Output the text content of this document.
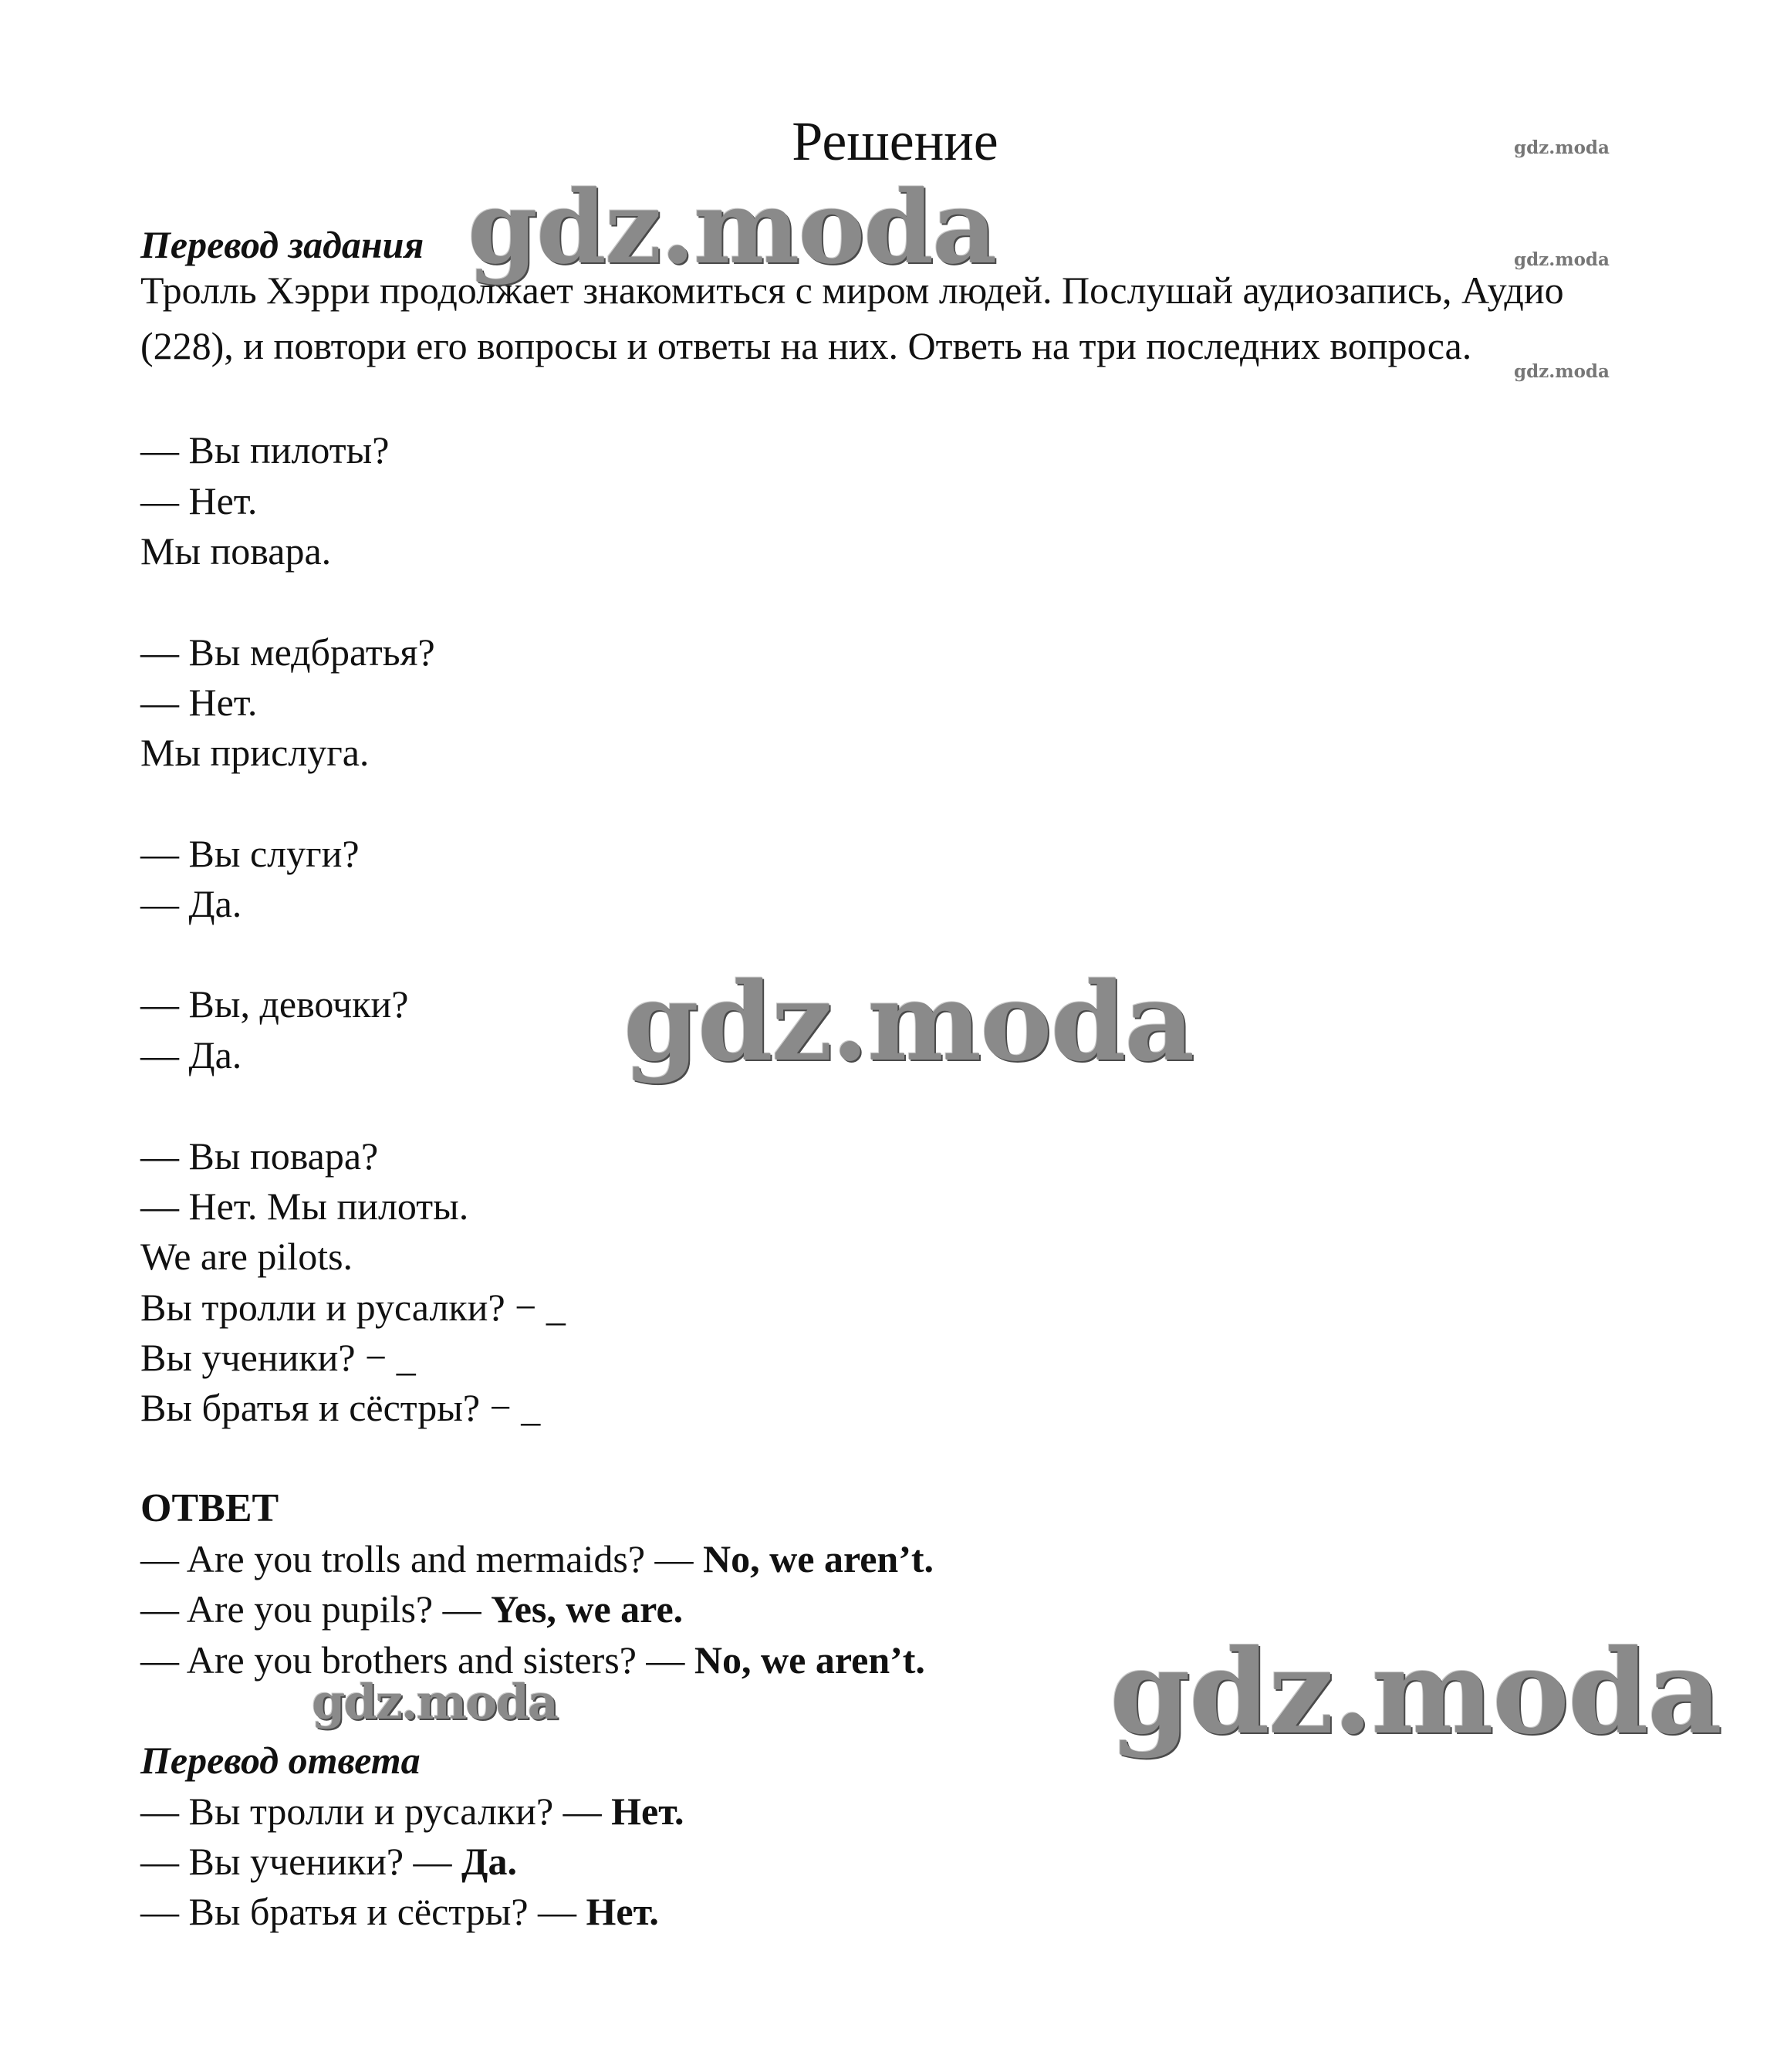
Решение
Перевод задания
Тролль Хэрри продолжает знакомиться с миром людей. Послушай аудиозапись, Аудио (228), и повтори его вопросы и ответы на них. Ответь на три последних вопроса.
— Вы пилоты?
— Нет.
Мы повара.
— Вы медбратья?
— Нет.
Мы прислуга.
— Вы слуги?
— Да.
— Вы, девочки?
— Да.
— Вы повара?
— Нет. Мы пилоты.
We are pilots.
Вы тролли и русалки? − _
Вы ученики? − _
Вы братья и сёстры? − _
ОТВЕТ
— Are you trolls and mermaids? — No, we aren’t.
— Are you pupils? — Yes, we are.
— Are you brothers and sisters? — No, we aren’t.
Перевод ответа
— Вы тролли и русалки? — Нет.
— Вы ученики? — Да.
— Вы братья и сёстры? — Нет.
gdz.moda
gdz.moda
gdz.moda
gdz.moda
gdz.moda
gdz.moda
gdz.moda
